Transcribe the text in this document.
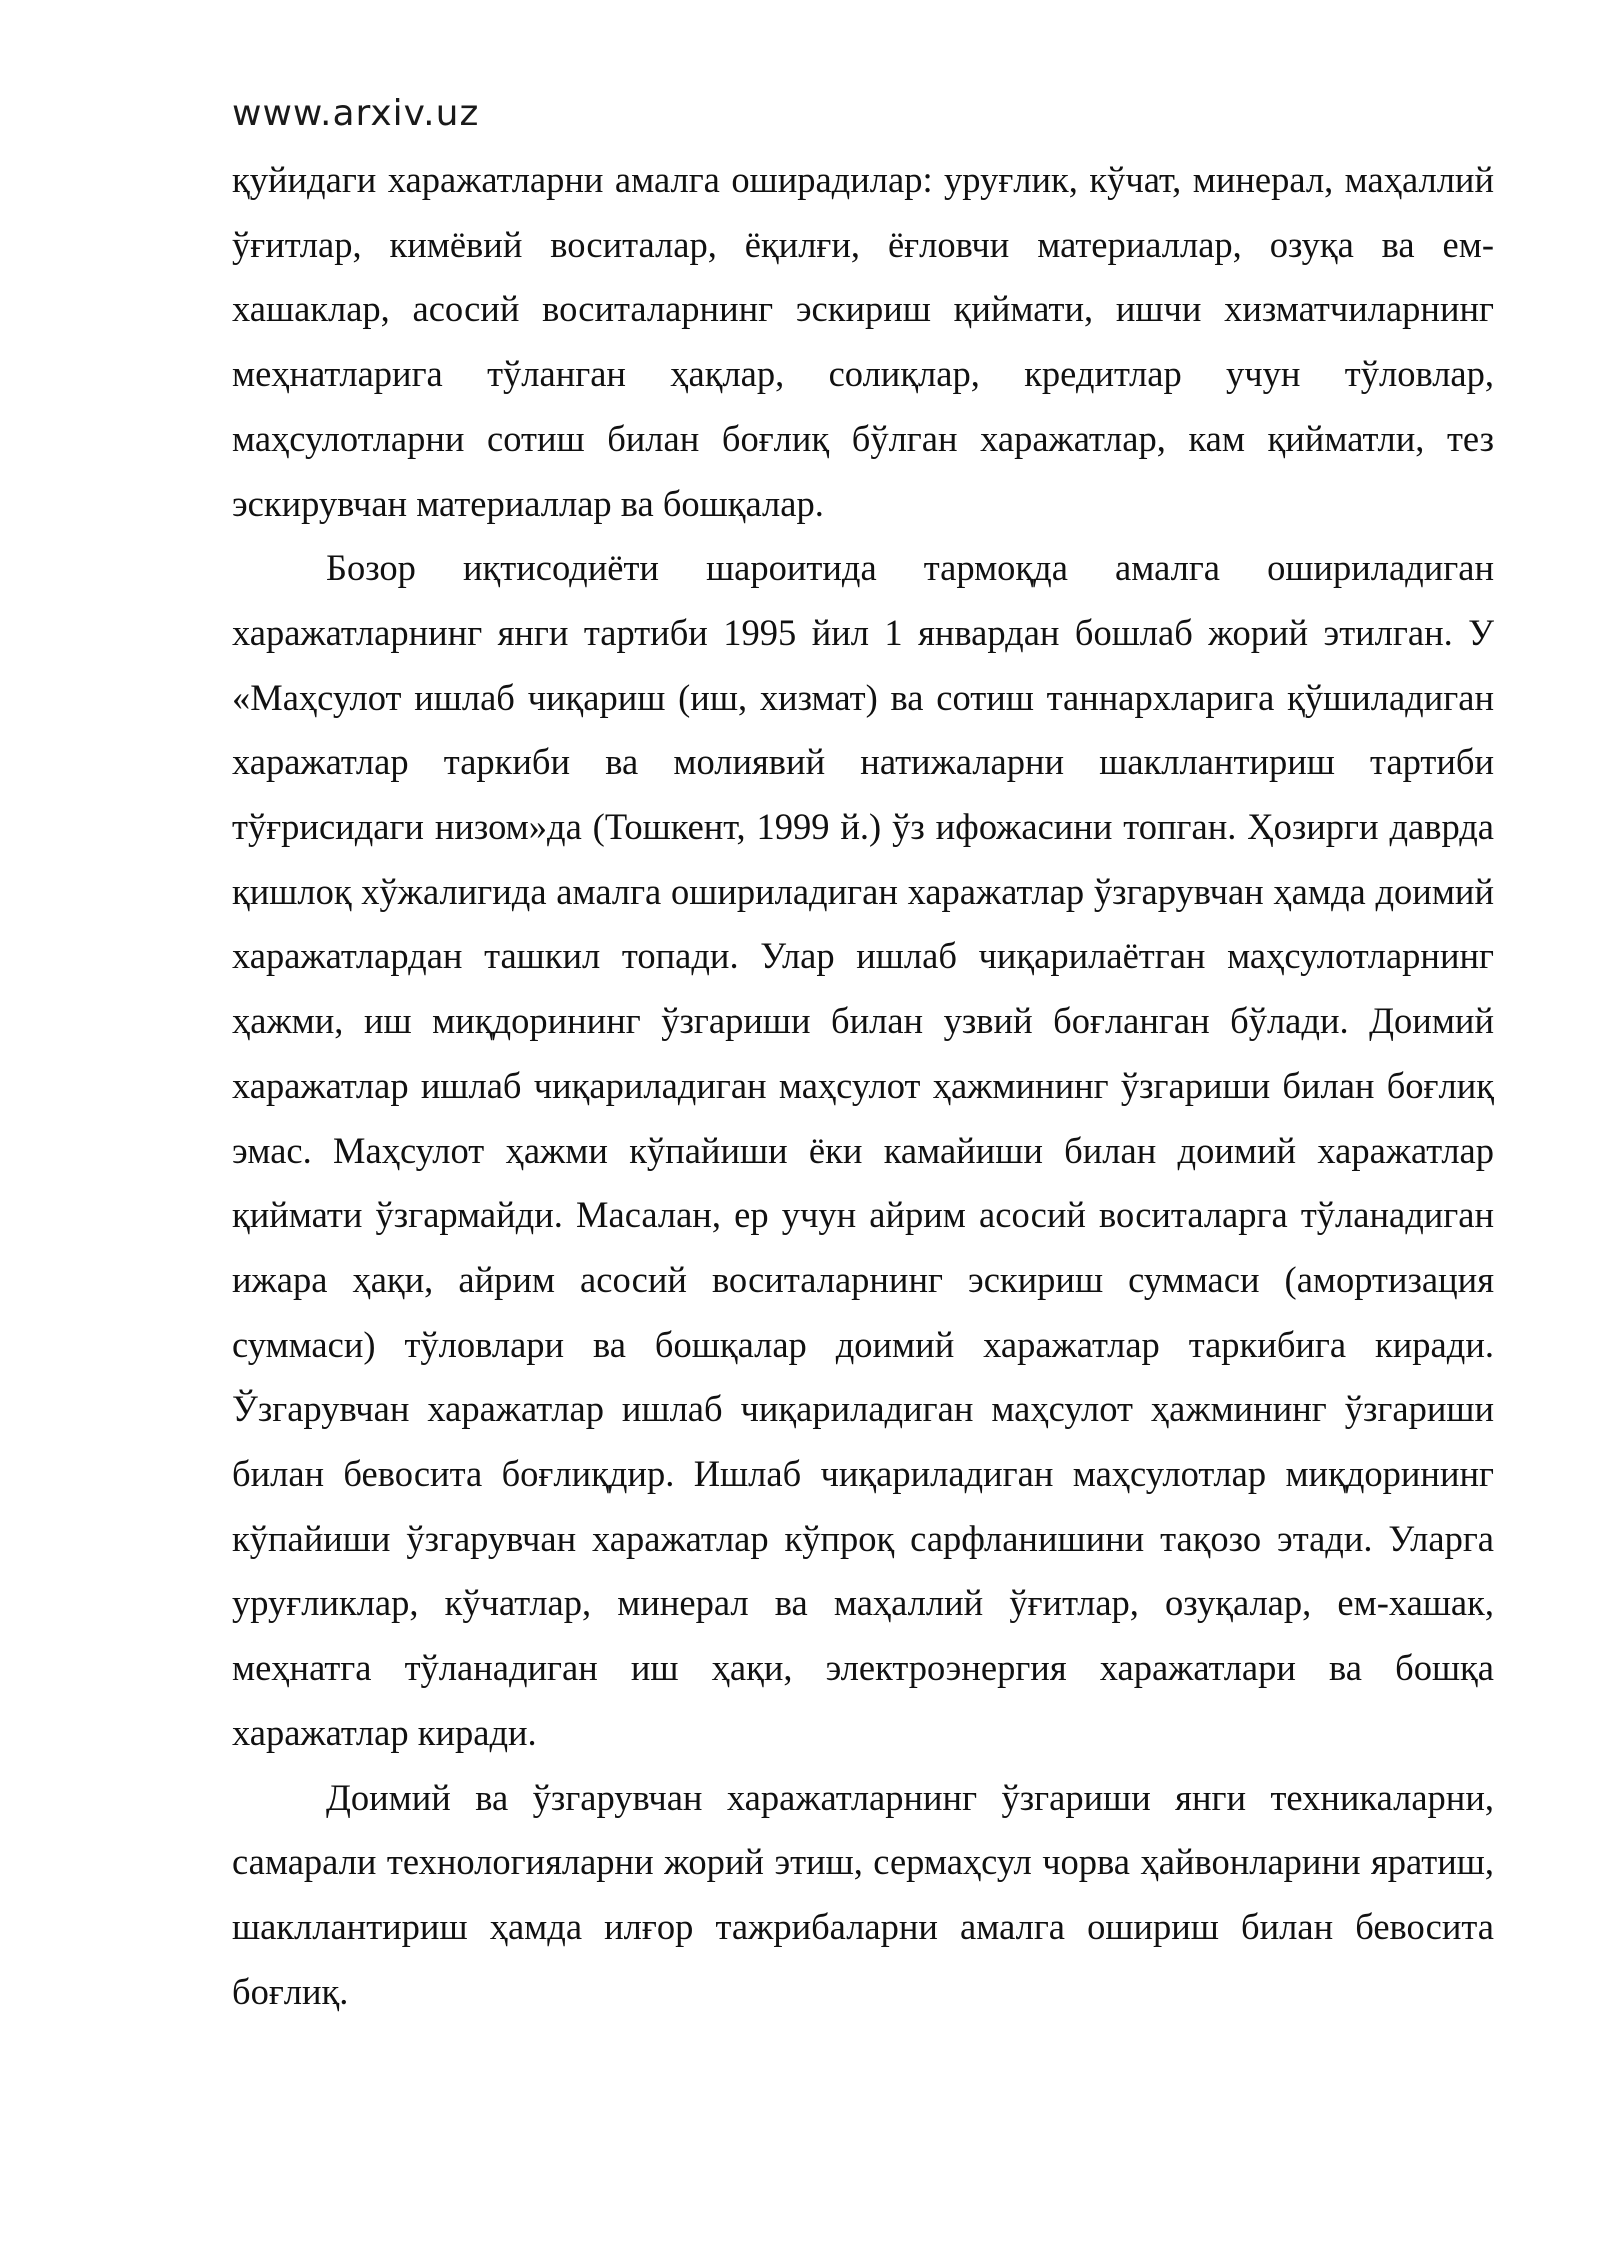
www.arxiv.uz

қуйидаги харажатларни амалга оширадилар: уруғлик, кўчат, минерал, маҳаллий ўғитлар, кимёвий воситалар, ёқилғи, ёғловчи материаллар, озуқа ва ем-хашаклар, асосий воситаларнинг эскириш қиймати, ишчи хизматчиларнинг меҳнатларига тўланган ҳақлар, солиқлар, кредитлар учун тўловлар, маҳсулотларни сотиш билан боғлиқ бўлган харажатлар, кам қийматли, тез эскирувчан материаллар ва бошқалар.

Бозор иқтисодиёти шароитида тармоқда амалга ошириладиган харажатларнинг янги тартиби 1995 йил 1 январдан бошлаб жорий этилган. У «Маҳсулот ишлаб чиқариш (иш, хизмат) ва сотиш таннархларига қўшиладиган харажатлар таркиби ва молиявий натижаларни шакллантириш тартиби тўғрисидаги низом»да (Тошкент, 1999 й.) ўз ифожасини топган. Ҳозирги даврда қишлоқ хўжалигида амалга ошириладиган харажатлар ўзгарувчан ҳамда доимий харажатлардан ташкил топади. Улар ишлаб чиқарилаётган маҳсулотларнинг ҳажми, иш миқдорининг ўзгариши билан узвий боғланган бўлади. Доимий харажатлар ишлаб чиқариладиган маҳсулот ҳажмининг ўзгариши билан боғлиқ эмас. Маҳсулот ҳажми кўпайиши ёки камайиши билан доимий харажатлар қиймати ўзгармайди. Масалан, ер учун айрим асосий воситаларга тўланадиган ижара ҳақи, айрим асосий воситаларнинг эскириш суммаси (амортизация суммаси) тўловлари ва бошқалар доимий харажатлар таркибига киради. Ўзгарувчан харажатлар ишлаб чиқариладиган маҳсулот ҳажмининг ўзгариши билан бевосита боғлиқдир. Ишлаб чиқариладиган маҳсулотлар миқдорининг кўпайиши ўзгарувчан харажатлар кўпроқ сарфланишини тақозо этади. Уларга уруғликлар, кўчатлар, минерал ва маҳаллий ўғитлар, озуқалар, ем-хашак, меҳнатга тўланадиган иш ҳақи, электроэнергия харажатлари ва бошқа харажатлар киради.

Доимий ва ўзгарувчан харажатларнинг ўзгариши янги техникаларни, самарали технологияларни жорий этиш, сермаҳсул чорва ҳайвонларини яратиш, шакллантириш ҳамда илғор тажрибаларни амалга ошириш билан бевосита боғлиқ.
